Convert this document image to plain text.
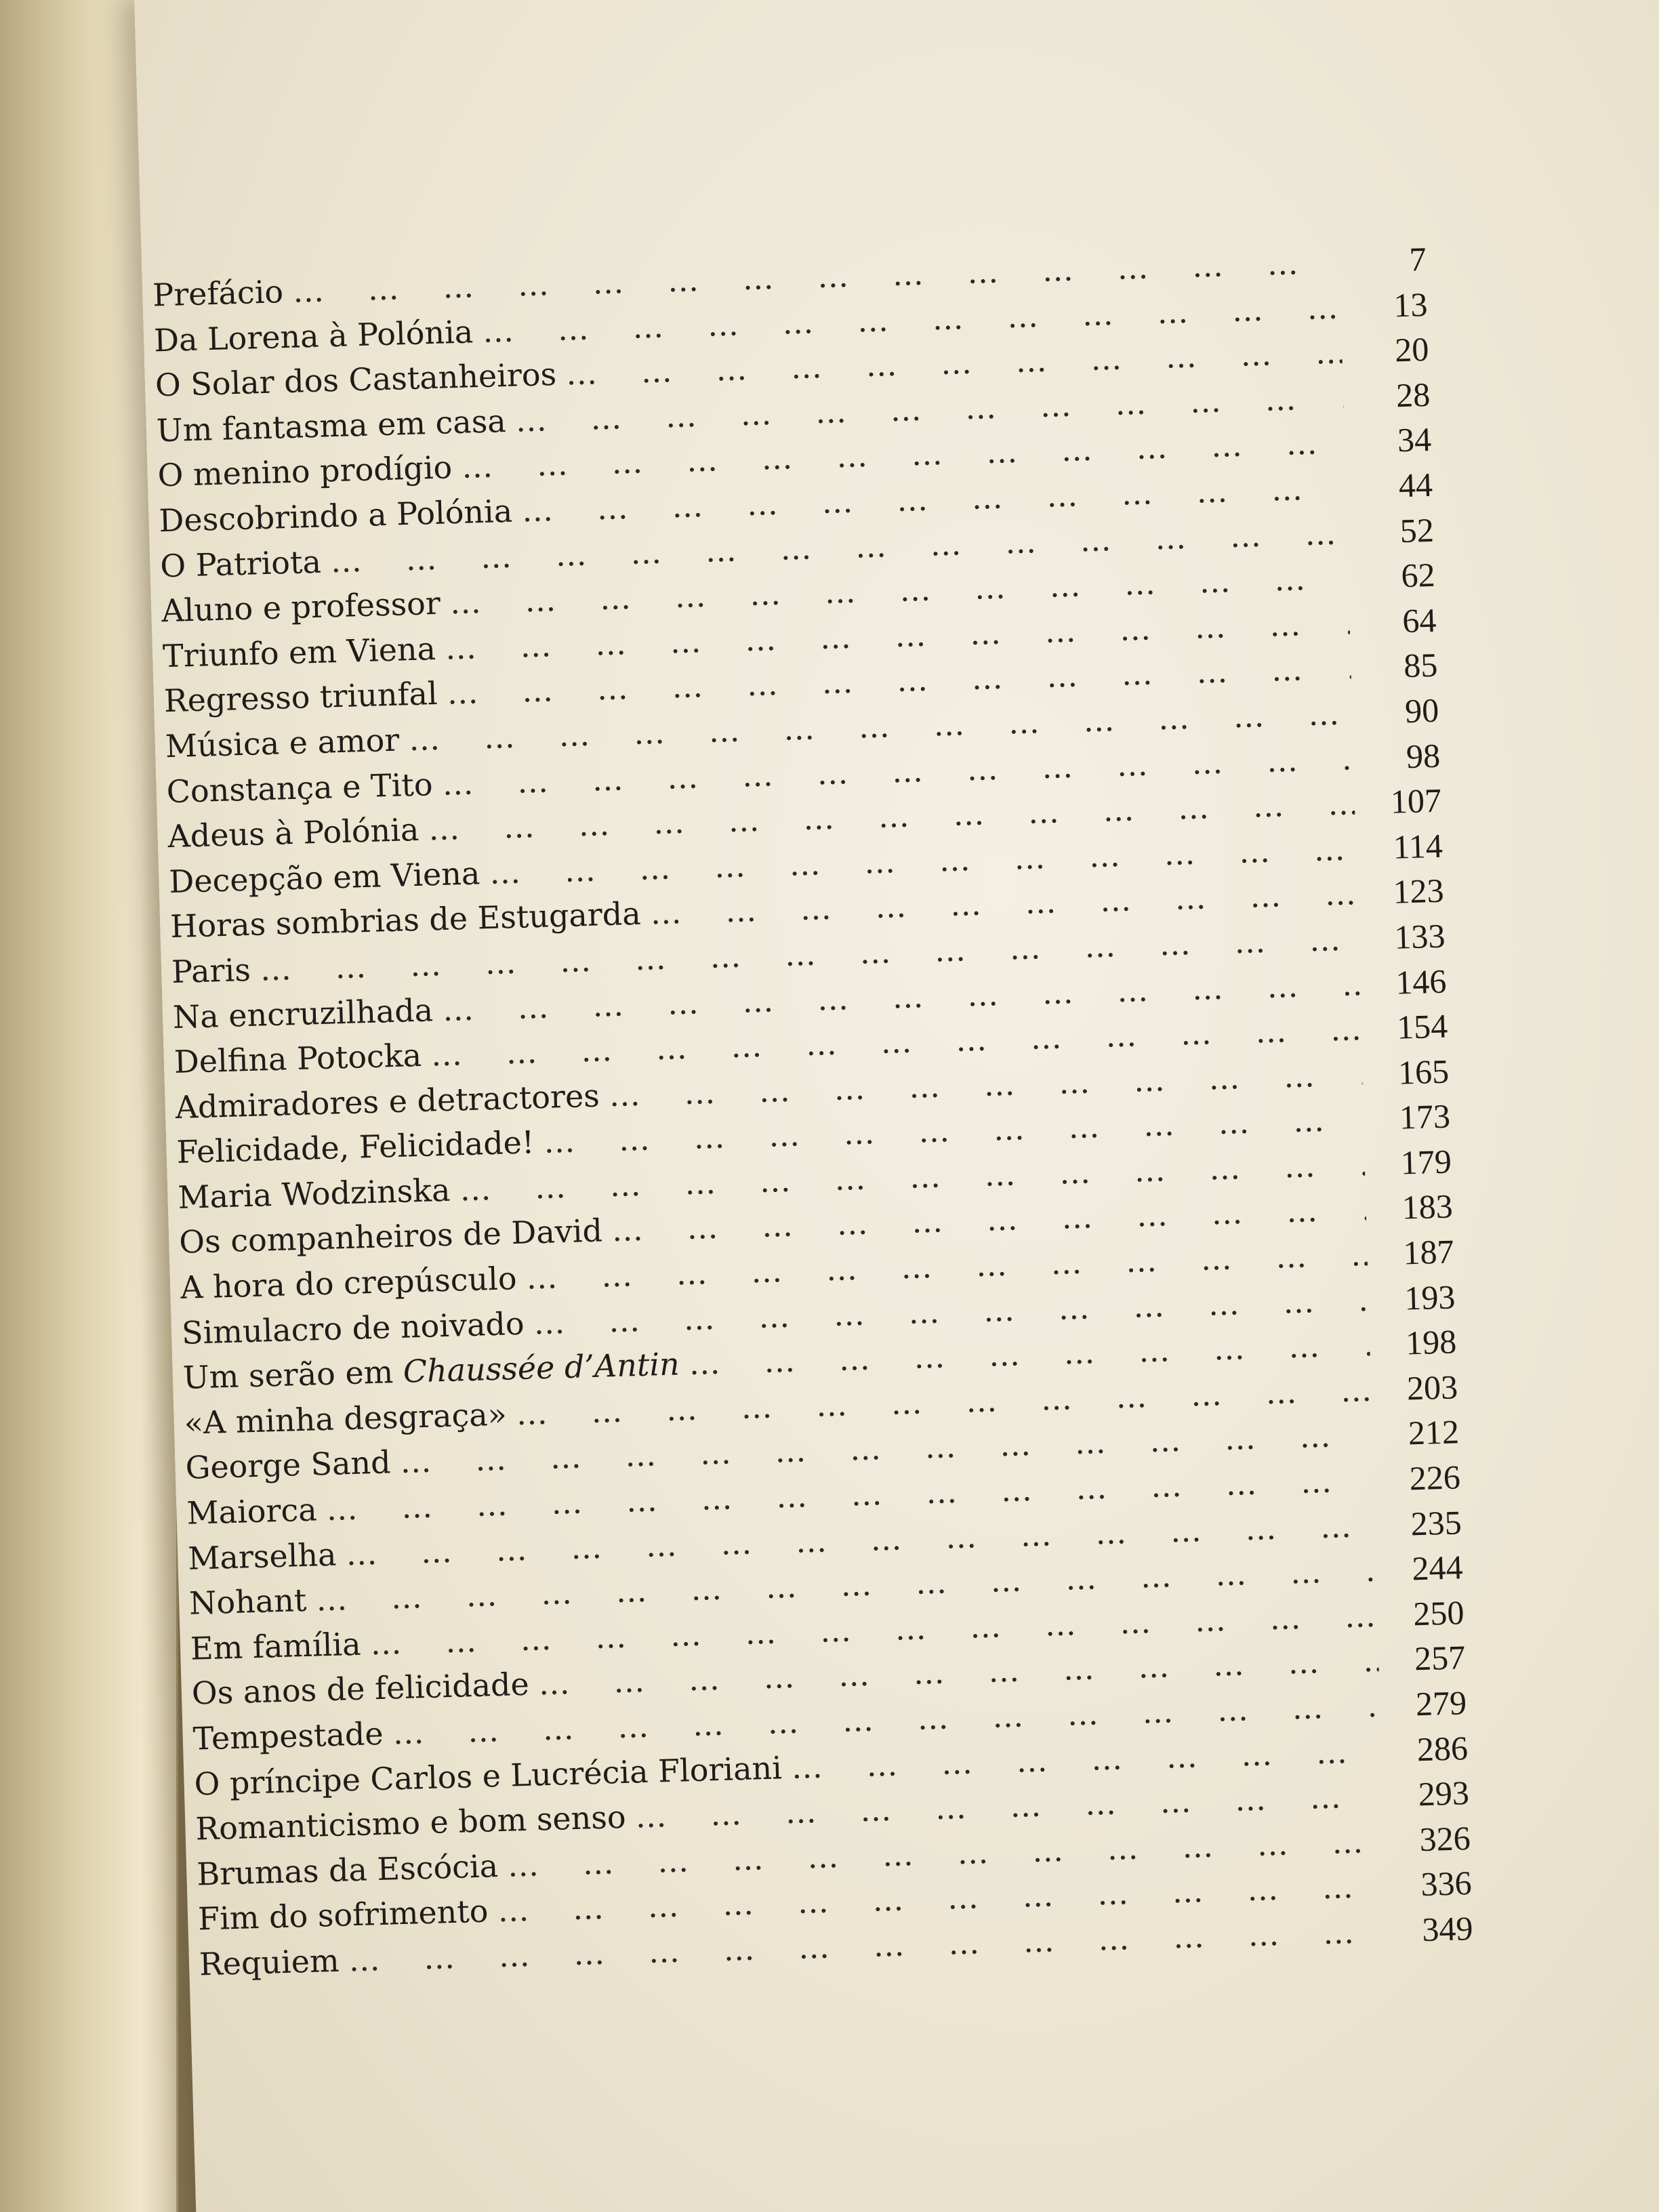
Prefácio
… … … … … … … … … … … … … … … … … … … … … … … … … … … … … … … …
7
Da Lorena à Polónia
… … … … … … … … … … … … … … … … … … … … … … … … … … … … … … … …
13
O Solar dos Castanheiros
… … … … … … … … … … … … … … … … … … … … … … … … … … … … … … … …
20
Um fantasma em casa
… … … … … … … … … … … … … … … … … … … … … … … … … … … … … … … …
28
O menino prodígio
… … … … … … … … … … … … … … … … … … … … … … … … … … … … … … … …
34
Descobrindo a Polónia
… … … … … … … … … … … … … … … … … … … … … … … … … … … … … … … …
44
O Patriota
… … … … … … … … … … … … … … … … … … … … … … … … … … … … … … … …
52
Aluno e professor
… … … … … … … … … … … … … … … … … … … … … … … … … … … … … … … …
62
Triunfo em Viena
… … … … … … … … … … … … … … … … … … … … … … … … … … … … … … … …
64
Regresso triunfal
… … … … … … … … … … … … … … … … … … … … … … … … … … … … … … … …
85
Música e amor
… … … … … … … … … … … … … … … … … … … … … … … … … … … … … … … …
90
Constança e Tito
… … … … … … … … … … … … … … … … … … … … … … … … … … … … … … … …
98
Adeus à Polónia
… … … … … … … … … … … … … … … … … … … … … … … … … … … … … … … …
107
Decepção em Viena
… … … … … … … … … … … … … … … … … … … … … … … … … … … … … … … …
114
Horas sombrias de Estugarda
… … … … … … … … … … … … … … … … … … … … … … … … … … … … … … … …
123
Paris
… … … … … … … … … … … … … … … … … … … … … … … … … … … … … … … …
133
Na encruzilhada
… … … … … … … … … … … … … … … … … … … … … … … … … … … … … … … …
146
Delfina Potocka
… … … … … … … … … … … … … … … … … … … … … … … … … … … … … … … …
154
Admiradores e detractores
… … … … … … … … … … … … … … … … … … … … … … … … … … … … … … … …
165
Felicidade, Felicidade!
… … … … … … … … … … … … … … … … … … … … … … … … … … … … … … … …
173
Maria Wodzinska
… … … … … … … … … … … … … … … … … … … … … … … … … … … … … … … …
179
Os companheiros de David
… … … … … … … … … … … … … … … … … … … … … … … … … … … … … … … …
183
A hora do crepúsculo
… … … … … … … … … … … … … … … … … … … … … … … … … … … … … … … …
187
Simulacro de noivado
… … … … … … … … … … … … … … … … … … … … … … … … … … … … … … … …
193
Um serão em Chaussée d’Antin
… … … … … … … … … … … … … … … … … … … … … … … … … … … … … … … …
198
«A minha desgraça»
… … … … … … … … … … … … … … … … … … … … … … … … … … … … … … … …
203
George Sand
… … … … … … … … … … … … … … … … … … … … … … … … … … … … … … … …
212
Maiorca
… … … … … … … … … … … … … … … … … … … … … … … … … … … … … … … …
226
Marselha
… … … … … … … … … … … … … … … … … … … … … … … … … … … … … … … …
235
Nohant
… … … … … … … … … … … … … … … … … … … … … … … … … … … … … … … …
244
Em família
… … … … … … … … … … … … … … … … … … … … … … … … … … … … … … … …
250
Os anos de felicidade
… … … … … … … … … … … … … … … … … … … … … … … … … … … … … … … …
257
Tempestade
… … … … … … … … … … … … … … … … … … … … … … … … … … … … … … … …
279
O príncipe Carlos e Lucrécia Floriani
… … … … … … … … … … … … … … … … … … … … … … … … … … … … … … … …
286
Romanticismo e bom senso
… … … … … … … … … … … … … … … … … … … … … … … … … … … … … … … …
293
Brumas da Escócia
… … … … … … … … … … … … … … … … … … … … … … … … … … … … … … … …
326
Fim do sofrimento
… … … … … … … … … … … … … … … … … … … … … … … … … … … … … … … …
336
Requiem
… … … … … … … … … … … … … … … … … … … … … … … … … … … … … … … …
349
